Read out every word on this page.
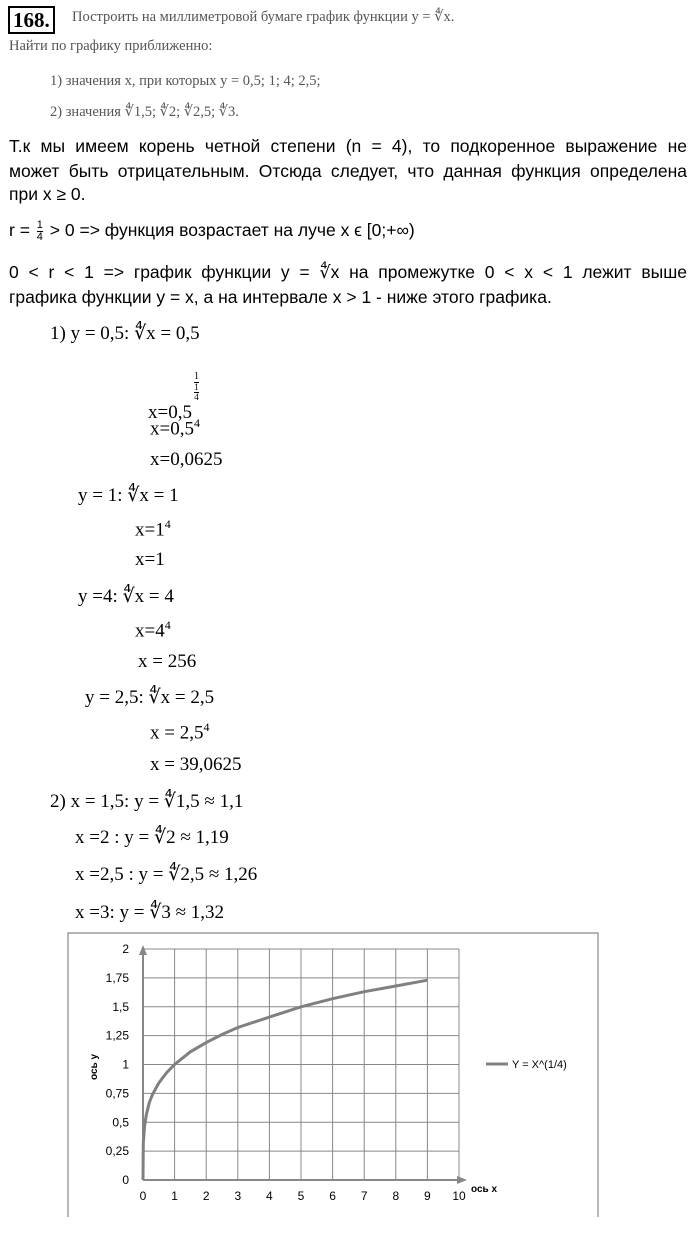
168.	Построить на миллиметровой бумаге график функции y = ∜x.
Найти по графику приближенно:
1) значения x, при которых y = 0,5; 1; 4; 2,5;
2) значения ∜1,5; ∜2; ∜2,5; ∜3.
Т.к мы имеем корень четной степени (n = 4), то подкоренное выражение не
может быть отрицательным. Отсюда следует, что данная функция определена
при x ≥ 0.
$r = \frac{1}{4} > 0$ => функция возрастает на луче x ϵ [0;+∞)
0 < r < 1 => график функции y = ∜x на промежутке 0 < x < 1 лежит выше
графика функции y = x, а на интервале x > 1 - ниже этого графика.
1) y = 0,5: ∜x = 0,5
x=0,5
1
1
4
$x=0,5^4$
x=0,0625
y = 1: ∜x = 1
$x=1^4$
x=1
y =4: ∜x = 4
$x=4^4$
x = 256
y = 2,5: ∜x = 2,5
$x = 2,5^4$
x = 39,0625
2) x = 1,5: y = ∜1,5 ≈ 1,1
x =2 : y = ∜2 ≈ 1,19
x =2,5 : y = ∜2,5 ≈ 1,26
x =3: y = ∜3 ≈ 1,32
0 1 2 3 4 5 6 7 8 9 10
0
0,25
0,5
0,75
1
1,25
1,5
1,75
2
ось x
ось y	Y = X^(1/4)
